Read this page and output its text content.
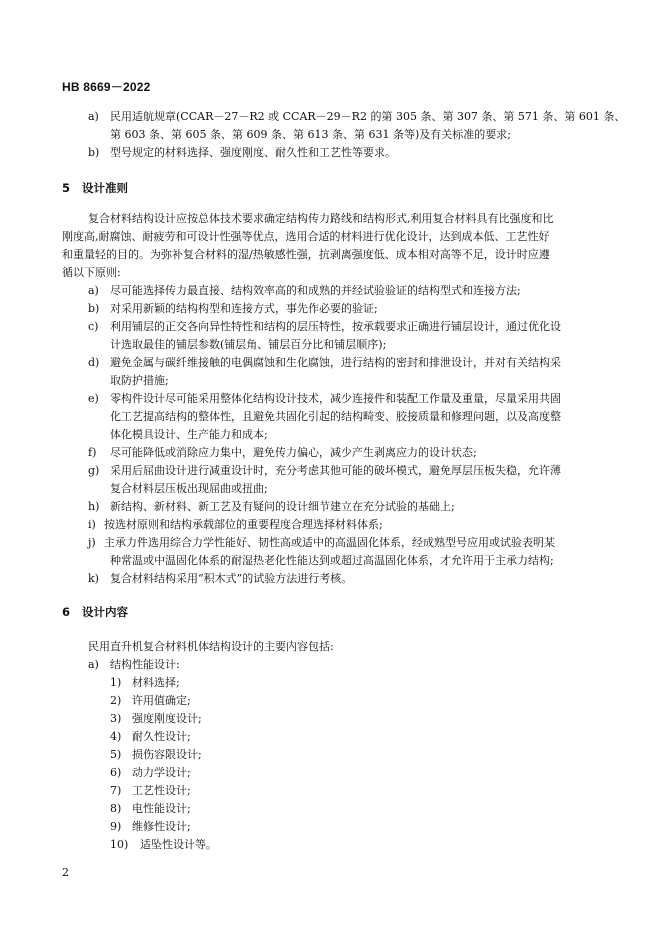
HB 8669－2022
a) 民用适航规章(CCAR－27－R2 或 CCAR－29－R2 的第 305 条、第 307 条、第 571 条、第 601 条、
第 603 条、第 605 条、第 609 条、第 613 条、第 631 条等)及有关标准的要求;
b) 型号规定的材料选择、强度刚度、耐久性和工艺性等要求。
5 设计准则
复合材料结构设计应按总体技术要求确定结构传力路线和结构形式,利用复合材料具有比强度和比
刚度高,耐腐蚀、耐疲劳和可设计性强等优点，选用合适的材料进行优化设计，达到成本低、工艺性好
和重量轻的目的。为弥补复合材料的湿/热敏感性强，抗剥离强度低、成本相对高等不足，设计时应遵
循以下原则:
a) 尽可能选择传力最直接、结构效率高的和成熟的并经试验验证的结构型式和连接方法;
b) 对采用新颖的结构构型和连接方式，事先作必要的验证;
c) 利用铺层的正交各向异性特性和结构的层压特性，按承载要求正确进行铺层设计，通过优化设
计选取最佳的铺层参数(铺层角、铺层百分比和铺层顺序);
d) 避免金属与碳纤维接触的电偶腐蚀和生化腐蚀，进行结构的密封和排泄设计，并对有关结构采
取防护措施;
e) 零构件设计尽可能采用整体化结构设计技术，减少连接件和装配工作量及重量，尽量采用共固
化工艺提高结构的整体性，且避免共固化引起的结构畸变、胶接质量和修理问题，以及高度整
体化模具设计、生产能力和成本;
f) 尽可能降低或消除应力集中，避免传力偏心，减少产生剥离应力的设计状态;
g) 采用后屈曲设计进行减重设计时，充分考虑其他可能的破坏模式，避免厚层压板失稳，允许薄
复合材料层压板出现屈曲或扭曲;
h) 新结构、新材料、新工艺及有疑问的设计细节建立在充分试验的基础上;
i) 按选材原则和结构承载部位的重要程度合理选择材料体系;
j) 主承力件选用综合力学性能好、韧性高或适中的高温固化体系，经成熟型号应用或试验表明某
种常温或中温固化体系的耐湿热老化性能达到或超过高温固化体系，才允许用于主承力结构;
k) 复合材料结构采用“积木式”的试验方法进行考核。
6 设计内容
民用直升机复合材料机体结构设计的主要内容包括:
a) 结构性能设计:
1) 材料选择;
2) 许用值确定;
3) 强度刚度设计;
4) 耐久性设计;
5) 损伤容限设计;
6) 动力学设计;
7) 工艺性设计;
8) 电性能设计;
9) 维修性设计;
10) 适坠性设计等。
2
